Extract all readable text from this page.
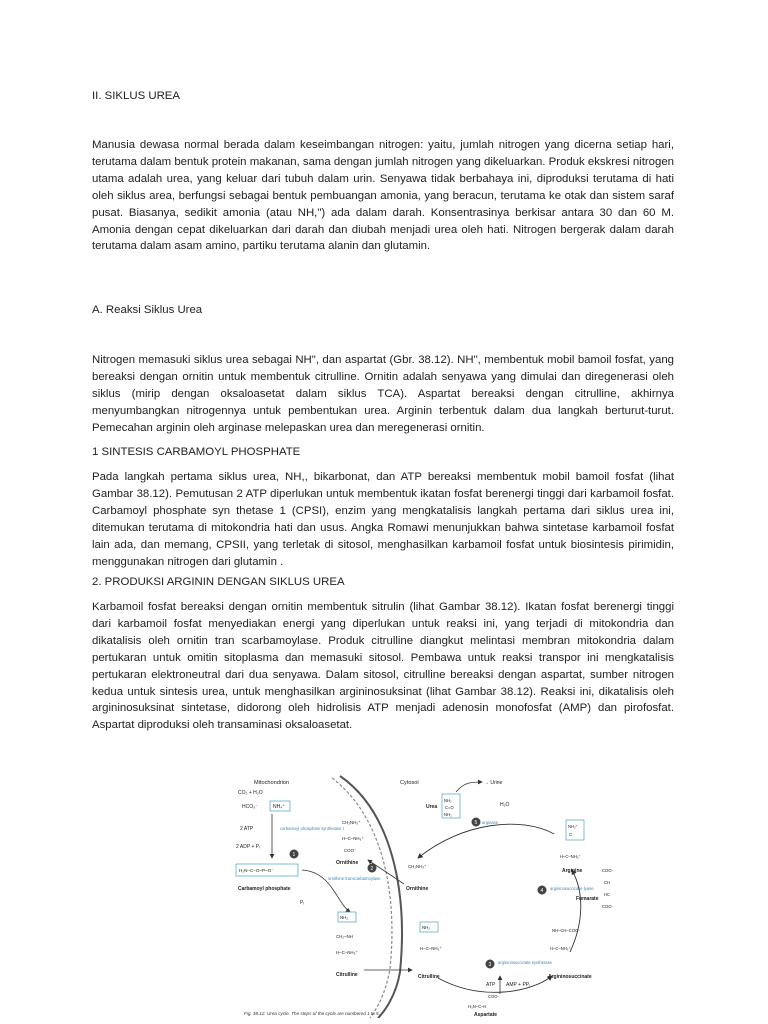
II. SIKLUS UREA

Manusia dewasa normal berada dalam keseimbangan nitrogen: yaitu, jumlah nitrogen yang dicerna setiap hari, terutama dalam bentuk protein makanan, sama dengan jumlah nitrogen yang dikeluarkan. Produk ekskresi nitrogen utama adalah urea, yang keluar dari tubuh dalam urin. Senyawa tidak berbahaya ini, diproduksi terutama di hati oleh siklus area, berfungsi sebagai bentuk pembuangan amonia, yang beracun, terutama ke otak dan sistem saraf pusat. Biasanya, sedikit amonia (atau NH,") ada dalam darah. Konsentrasinya berkisar antara 30 dan 60 M. Amonia dengan cepat dikeluarkan dari darah dan diubah menjadi urea oleh hati. Nitrogen bergerak dalam darah terutama dalam asam amino, partiku terutama alanin dan glutamin.

A. Reaksi Siklus Urea

Nitrogen memasuki siklus urea sebagai NH", dan aspartat (Gbr. 38.12). NH", membentuk mobil bamoil fosfat, yang bereaksi dengan ornitin untuk membentuk citrulline. Ornitin adalah senyawa yang dimulai dan diregenerasi oleh siklus (mirip dengan oksaloasetat dalam siklus TCA). Aspartat bereaksi dengan citrulline, akhirnya menyumbangkan nitrogennya untuk pembentukan urea. Arginin terbentuk dalam dua langkah berturut-turut. Pemecahan arginin oleh arginase melepaskan urea dan meregenerasi ornitin.

1 SINTESIS CARBAMOYL PHOSPHATE

Pada langkah pertama siklus urea, NH,, bikarbonat, dan ATP bereaksi membentuk mobil bamoil fosfat (lihat Gambar 38.12). Pemutusan 2 ATP diperlukan untuk membentuk ikatan fosfat berenergi tinggi dari karbamoil fosfat. Carbamoyl phosphate syn thetase 1 (CPSI), enzim yang mengkatalisis langkah pertama dari siklus urea ini, ditemukan terutama di mitokondria hati dan usus. Angka Romawi menunjukkan bahwa sintetase karbamoil fosfat lain ada, dan memang, CPSII, yang terletak di sitosol, menghasilkan karbamoil fosfat untuk biosintesis pirimidin, menggunakan nitrogen dari glutamin .

2. PRODUKSI ARGININ DENGAN SIKLUS UREA

Karbamoil fosfat bereaksi dengan ornitin membentuk sitrulin (lihat Gambar 38.12). Ikatan fosfat berenergi tinggi dari karbamoil fosfat menyediakan energi yang diperlukan untuk reaksi ini, yang terjadi di mitokondria dan dikatalisis oleh ornitin tran scarbamoylase. Produk citrulline diangkut melintasi membran mitokondria dalam pertukaran untuk omitin sitoplasma dan memasuki sitosol. Pembawa untuk reaksi transpor ini mengkatalisis pertukaran elektroneutral dari dua senyawa. Dalam sitosol, citrulline bereaksi dengan aspartat, sumber nitrogen kedua untuk sintesis urea, untuk menghasilkan argininosuksinat (lihat Gambar 38.12). Reaksi ini, dikatalisis oleh argininosuksinat sintetase, didorong oleh hidrolisis ATP menjadi adenosin monofosfat (AMP) dan pirofosfat. Aspartat diproduksi oleh transaminasi oksaloasetat.

Mitochondrion	Cytosol
CO₂ + H₂O
HCO₃⁻	NH₄⁺
2 ATP	carbamoyl phosphate synthetase I
2 ADP + Pᵢ
1
H₂N–C–O–P–O⁻
Carbamoyl phosphate
Pᵢ
CH₂NH₃⁺
H–C–NH₃⁺
COO⁻
Ornithine
2
ornithine transcarbamoylase
NH₂
CH₂–NH
H–C–NH₃⁺
Citrulline
Ornithine
CH₂NH₃⁺
NH₂
H–C–NH₃⁺
Citrulline
Urea
NH₂
C=O
NH₂
→ Urine
H₂O
5 arginase
NH₂⁺
C
H–C–NH₃⁺
Arginine	COO⁻
CH
HC
COO⁻
Fumarate
4 argininosuccinate lyase
NH–CH–COO⁻
H–C–NH₃⁺
Argininosuccinate
3 argininosuccinate synthetase
ATP AMP + PPᵢ
COO⁻
H₃N–C–H
Aspartate
Fig. 38.12. Urea cycle. The steps of the cycle are numbered 1 to 5.
